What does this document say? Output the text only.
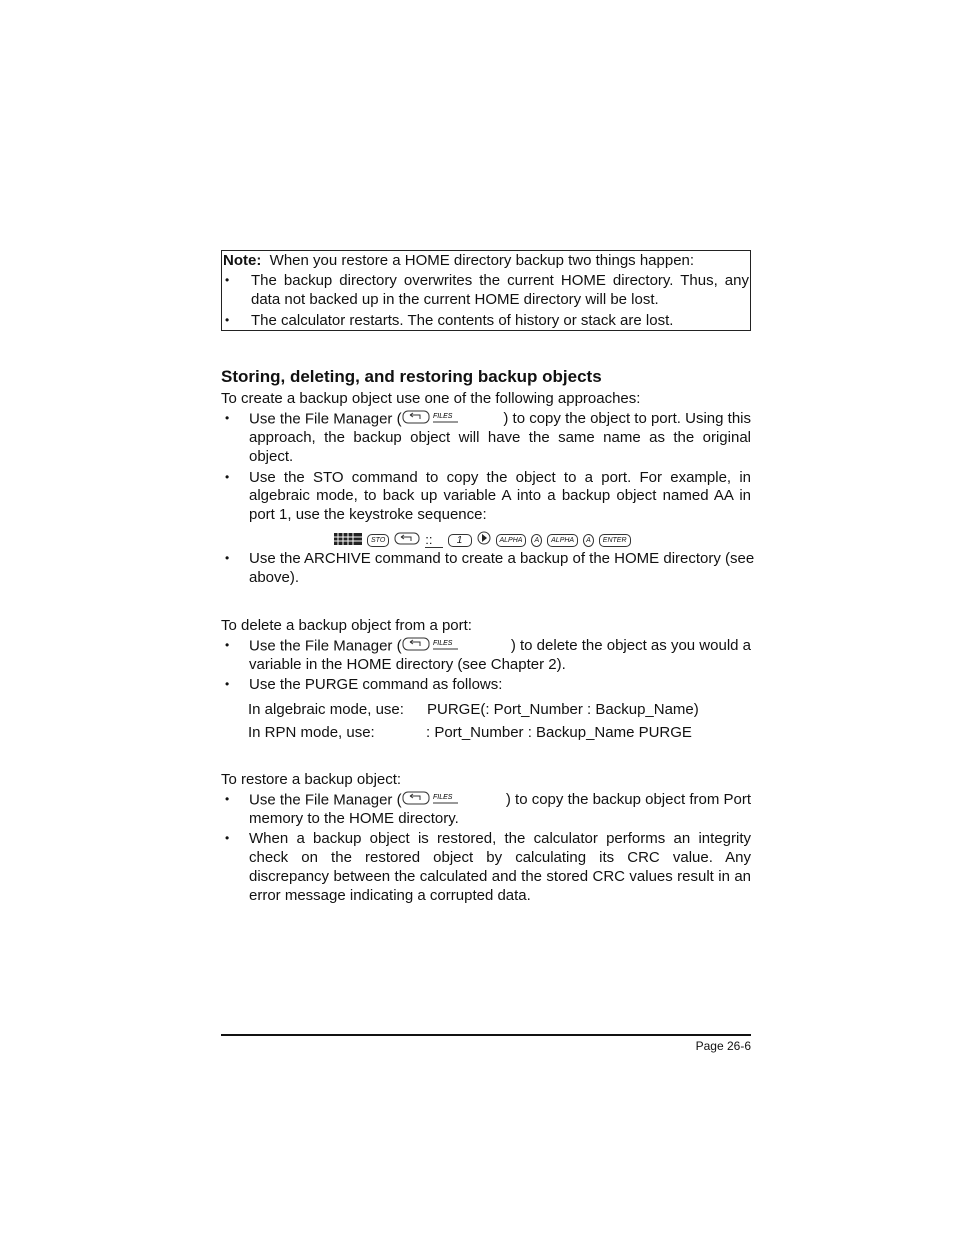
Note: When you restore a HOME directory backup two things happen:
• The backup directory overwrites the current HOME directory. Thus, any
data not backed up in the current HOME directory will be lost.
• The calculator restarts. The contents of history or stack are lost.
Storing, deleting, and restoring backup objects
To create a backup object use one of the following approaches:
• Use the File Manager (	FILES	) to copy the object to port. Using this
approach, the backup object will have the same name as the original
object.
• Use the STO command to copy the object to a port. For example, in
algebraic mode, to back up variable A into a backup object named AA in
port 1, use the keystroke sequence:
STO	::	1	ALPHA	A	ALPHA	A	ENTER
• Use the ARCHIVE command to create a backup of the HOME directory (see
above).
To delete a backup object from a port:
• Use the File Manager (	FILES	) to delete the object as you would a
variable in the HOME directory (see Chapter 2).
• Use the PURGE command as follows:
In algebraic mode, use: PURGE(: Port_Number : Backup_Name)
In RPN mode, use:	: Port_Number : Backup_Name PURGE
To restore a backup object:
• Use the File Manager (	FILES	) to copy the backup object from Port
memory to the HOME directory.
• When a backup object is restored, the calculator performs an integrity
check on the restored object by calculating its CRC value. Any
discrepancy between the calculated and the stored CRC values result in an
error message indicating a corrupted data.
Page 26-6
